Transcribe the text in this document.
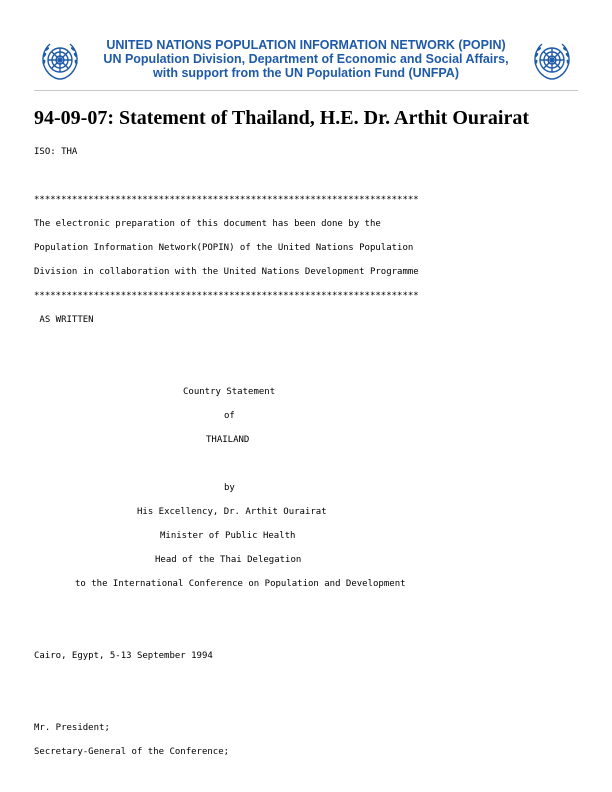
UNITED NATIONS POPULATION INFORMATION NETWORK (POPIN)
UN Population Division, Department of Economic and Social Affairs,
with support from the UN Population Fund (UNFPA)
94-09-07: Statement of Thailand, H.E. Dr. Arthit Ourairat
ISO: THA
***********************************************************************
The electronic preparation of this document has been done by the
Population Information Network(POPIN) of the United Nations Population
Division in collaboration with the United Nations Development Programme
***********************************************************************
AS WRITTEN
Country Statement
of
THAILAND
by
His Excellency, Dr. Arthit Ourairat
Minister of Public Health
Head of the Thai Delegation
to the International Conference on Population and Development
Cairo, Egypt, 5-13 September 1994
Mr. President;
Secretary-General of the Conference;
